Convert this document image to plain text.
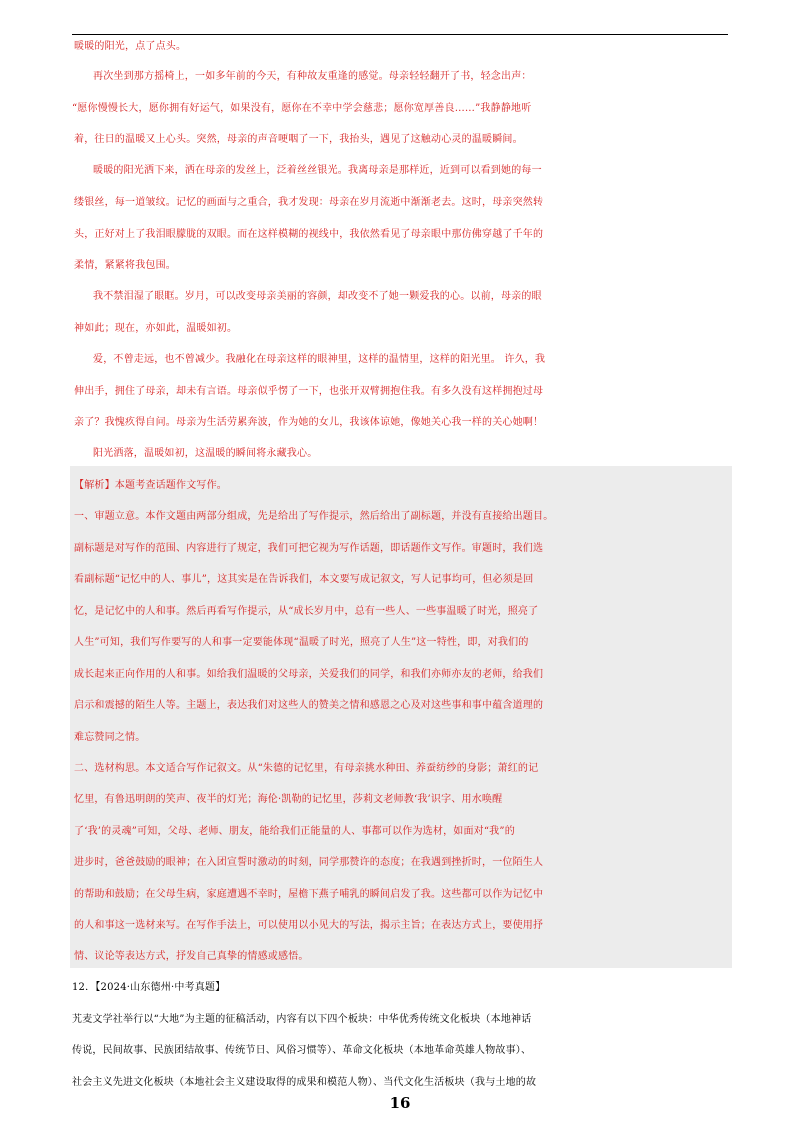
暖暖的阳光，点了点头。

再次坐到那方摇椅上，一如多年前的今天，有种故友重逢的感觉。母亲轻轻翻开了书，轻念出声：

“愿你慢慢长大，愿你拥有好运气，如果没有，愿你在不幸中学会慈悲；愿你宽厚善良……”我静静地听

着，往日的温暖又上心头。突然，母亲的声音哽咽了一下，我抬头，遇见了这触动心灵的温暖瞬间。

暖暖的阳光洒下来，洒在母亲的发丝上，泛着丝丝银光。我离母亲是那样近，近到可以看到她的每一

缕银丝，每一道皱纹。记忆的画面与之重合，我才发现：母亲在岁月流逝中渐渐老去。这时，母亲突然转

头，正好对上了我泪眼朦胧的双眼。而在这样模糊的视线中，我依然看见了母亲眼中那仿佛穿越了千年的

柔情，紧紧将我包围。

我不禁泪湿了眼眶。岁月，可以改变母亲美丽的容颜，却改变不了她一颗爱我的心。以前，母亲的眼

神如此；现在，亦如此，温暖如初。

爱，不曾走远，也不曾减少。我融化在母亲这样的眼神里，这样的温情里，这样的阳光里。 许久，我

伸出手，拥住了母亲，却未有言语。母亲似乎愣了一下，也张开双臂拥抱住我。有多久没有这样拥抱过母

亲了？我愧疚得自问。母亲为生活劳累奔波，作为她的女儿，我该体谅她，像她关心我一样的关心她啊！

阳光洒落，温暖如初，这温暖的瞬间将永藏我心。

【解析】本题考查话题作文写作。

一、审题立意。本作文题由两部分组成，先是给出了写作提示，然后给出了副标题，并没有直接给出题目。

副标题是对写作的范围、内容进行了规定，我们可把它视为写作话题，即话题作文写作。审题时，我们选

看副标题“记忆中的人、事儿”，这其实是在告诉我们，本文要写成记叙文，写人记事均可，但必须是回

忆，是记忆中的人和事。然后再看写作提示，从“成长岁月中，总有一些人、一些事温暖了时光，照亮了

人生”可知，我们写作要写的人和事一定要能体现“温暖了时光，照亮了人生”这一特性，即，对我们的

成长起来正向作用的人和事。如给我们温暖的父母亲，关爱我们的同学，和我们亦师亦友的老师，给我们

启示和震撼的陌生人等。主题上，表达我们对这些人的赞美之情和感恩之心及对这些事和事中蕴含道理的

难忘赞同之情。

二、选材构思。本文适合写作记叙文。从“朱德的记忆里，有母亲挑水种田、养蚕纺纱的身影；萧红的记

忆里，有鲁迅明朗的笑声、夜半的灯光；海伦·凯勒的记忆里，莎莉文老师教‘我’识字、用水唤醒

了‘我’的灵魂”可知，父母、老师、朋友，能给我们正能量的人、事都可以作为选材，如面对“我”的

进步时，爸爸鼓励的眼神；在入团宣誓时激动的时刻，同学那赞许的态度；在我遇到挫折时，一位陌生人

的帮助和鼓励；在父母生病，家庭遭遇不幸时，屋檐下燕子哺乳的瞬间启发了我。这些都可以作为记忆中

的人和事这一选材来写。在写作手法上，可以使用以小见大的写法，揭示主旨；在表达方式上，要使用抒

情、议论等表达方式，抒发自己真挚的情感或感悟。

12．【2024·山东德州·中考真题】

艽麦文学社举行以“大地”为主题的征稿活动，内容有以下四个板块：中华优秀传统文化板块（本地神话

传说，民间故事、民族团结故事、传统节日、风俗习惯等）、革命文化板块（本地革命英雄人物故事）、

社会主义先进文化板块（本地社会主义建设取得的成果和模范人物）、当代文化生活板块（我与土地的故

16
